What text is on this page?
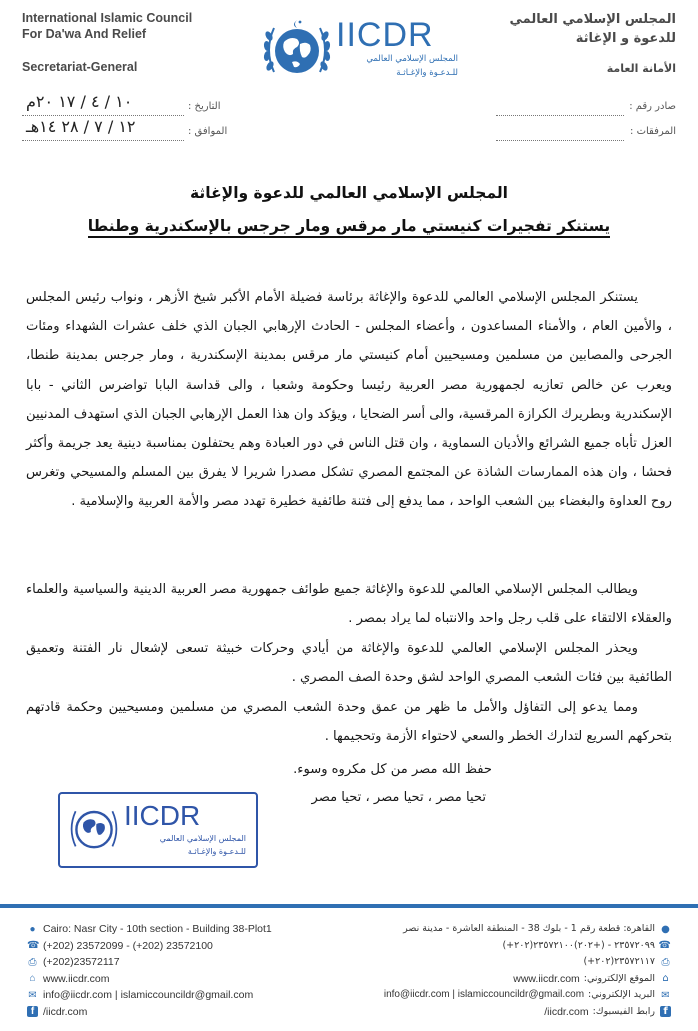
International Islamic Council
For Da'wa And Relief
Secretariat-General
المجلس الإسلامي العالمي
للدعوة و الإغاثة
الأمانة العامة
IICDR
المجلس الإسلامي العالمي
للـدعـوة والإغـاثـة
التاريخ :
١٠ / ٤ / ١٧ ٢٠م
الموافق :
١٢ / ٧ / ٢٨ ١٤هـ
صادر رقم :
المرفقات :
المجلس الإسلامي العالمي للدعوة والإغاثة
يستنكر تفجيرات كنيستي مار مرقس ومار جرجس بالإسكندرية وطنطا

يستنكر المجلس الإسلامي العالمي للدعوة والإغاثة برئاسة فضيلة الأمام الأكبر شيخ الأزهر ، ونواب رئيس المجلس ، والأمين العام ، والأمناء المساعدون ، وأعضاء المجلس - الحادث الإرهابي الجبان الذي خلف عشرات الشهداء ومئات الجرحى والمصابين من مسلمين ومسيحيين أمام كنيستي مار مرقس بمدينة الإسكندرية ، ومار جرجس بمدينة طنطا، ويعرب عن خالص تعازيه لجمهورية مصر العربية رئيسا وحكومة وشعبا ، والى قداسة البابا تواضرس الثاني - بابا الإسكندرية وبطريرك الكرازة المرقسية، والى أسر الضحايا ، ويؤكد وان هذا العمل الإرهابي الجبان الذي استهدف المدنيين العزل تأباه جميع الشرائع والأديان السماوية ، وان قتل الناس في دور العبادة وهم يحتفلون بمناسبة دينية يعد جريمة وأكثر فحشا ، وان هذه الممارسات الشاذة عن المجتمع المصري تشكل مصدرا شريرا لا يفرق بين المسلم والمسيحي وتغرس روح العداوة والبغضاء بين الشعب الواحد ، مما يدفع إلى فتنة طائفية خطيرة تهدد مصر والأمة العربية والإسلامية .

ويطالب المجلس الإسلامي العالمي للدعوة والإغاثة جميع طوائف جمهورية مصر العربية الدينية والسياسية والعلماء والعقلاء الالتقاء على قلب رجل واحد والانتباه لما يراد بمصر .

ويحذر المجلس الإسلامي العالمي للدعوة والإغاثة من أيادي وحركات خبيثة تسعى لإشعال نار الفتنة وتعميق الطائفية بين فئات الشعب المصري الواحد لشق وحدة الصف المصري .

ومما يدعو إلى التفاؤل والأمل ما ظهر من عمق وحدة الشعب المصري من مسلمين ومسيحيين وحكمة قادتهم بتحركهم السريع لتدارك الخطر والسعي لاحتواء الأزمة وتحجيمها .

حفظ الله مصر من كل مكروه وسوء.
تحيا مصر ، تحيا مصر ، تحيا مصر
IICDR
المجلس الإسلامي العالمي
للـدعـوة والإغـاثـة
● Cairo: Nasr City - 10th section - Building 38-Plot1
☎ (+202) 23572099 - (+202) 23572100
⎙ (+202)23572117
⌂ www.iicdr.com
✉ info@iicdr.com | islamiccouncildr@gmail.com
f /iicdr.com
●
القاهرة: قطعة رقم 1 - بلوك 38 - المنطقة العاشرة - مدينة نصر
☎
(+٢٠٢)٢٣٥٧٢٠٩٩ - (+٢٠٢)٢٣٥٧٢١٠٠
⎙
(+٢٠٢)٢٣٥٧٢١١٧
⌂
الموقع الإلكتروني:
www.iicdr.com
✉
البريد الإلكتروني:
info@iicdr.com | islamiccouncildr@gmail.com
f
رابط الفيسبوك:
/iicdr.com
